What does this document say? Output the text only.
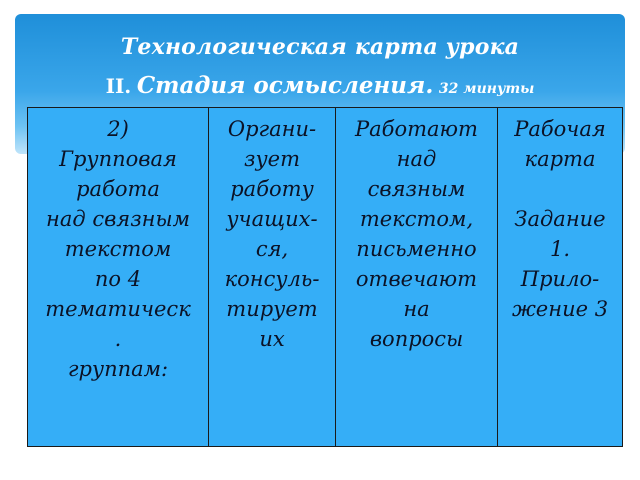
Технологическая карта урока
II. Стадия осмысления. 32 минуты
2)
Групповая
работа
над связным
текстом
по 4
тематическ
.
группам:
Органи-
зует
работу
учащих-
ся,
консуль-
тирует
их
Работают
над
связным
текстом,
письменно
отвечают
на
вопросы
Рабочая
карта
Задание
1.
Прило-
жение 3
